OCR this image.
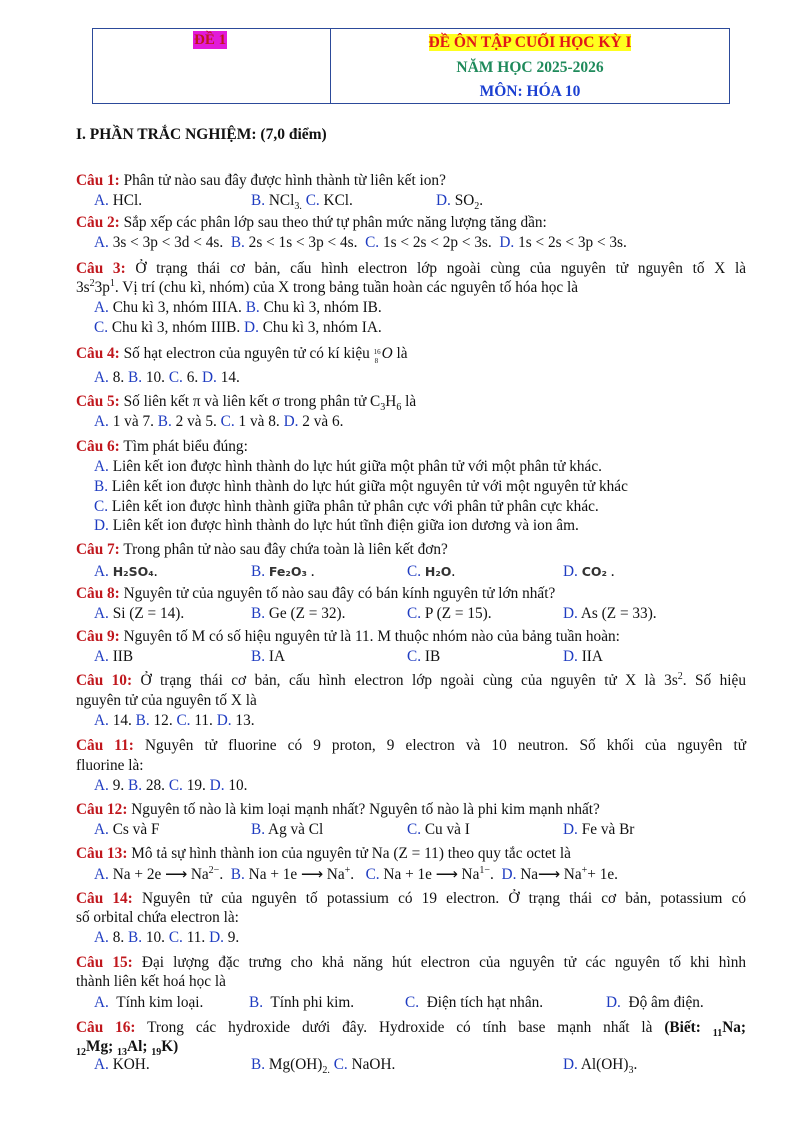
ĐỀ 1	ĐỀ ÔN TẬP CUỐI HỌC KỲ I
NĂM HỌC 2025-2026
MÔN: HÓA 10
I. PHẦN TRẮC NGHIỆM: (7,0 điểm)
Câu 1: Phân tử nào sau đây được hình thành từ liên kết ion?
A. HCl.	B. NCl$_{3.}$ C. KCl.	D. $SO_2$.
Câu 2: Sắp xếp các phân lớp sau theo thứ tự phân mức năng lượng tăng dần:
A. 3s < 3p < 3d < 4s. B. 2s < 1s < 3p < 4s. C. 1s < 2s < 2p < 3s. D. 1s < 2s < 3p < 3s.
Câu 3: Ở trạng thái cơ bản, cấu hình electron lớp ngoài cùng của nguyên tử nguyên tố X là
$3s^23p^1$. Vị trí (chu kì, nhóm) của X trong bảng tuần hoàn các nguyên tố hóa học là
A. Chu kì 3, nhóm IIIA. B. Chu kì 3, nhóm IB.
C. Chu kì 3, nhóm IIIB. D. Chu kì 3, nhóm IA.
Câu 4: Số hạt electron của nguyên tử có kí kiệu 16
8 O là
A. 8. B. 10. C. 6. D. 14.
Câu 5: Số liên kết π và liên kết σ trong phân tử $C_3H_6$ là
A. 1 và 7. B. 2 và 5. C. 1 và 8. D. 2 và 6.
Câu 6: Tìm phát biểu đúng:
A. Liên kết ion được hình thành do lực hút giữa một phân tử với một phân tử khác.
B. Liên kết ion được hình thành do lực hút giữa một nguyên tử với một nguyên tử khác
C. Liên kết ion được hình thành giữa phân tử phân cực với phân tử phân cực khác.
D. Liên kết ion được hình thành do lực hút tĩnh điện giữa ion dương và ion âm.
Câu 7: Trong phân tử nào sau đây chứa toàn là liên kết đơn?
A. H₂SO₄.	B. Fe₂O₃ .	C. H₂O.	D. CO₂ .
Câu 8: Nguyên tử của nguyên tố nào sau đây có bán kính nguyên tử lớn nhất?
A. Si (Z = 14).	B. Ge (Z = 32).	C. P (Z = 15).	D. As (Z = 33).
Câu 9: Nguyên tố M có số hiệu nguyên tử là 11. M thuộc nhóm nào của bảng tuần hoàn:
A. IIB	B. IA	C. IB	D. IIA
Câu 10: Ở trạng thái cơ bản, cấu hình electron lớp ngoài cùng của nguyên tử X là $3s^2$. Số hiệu
nguyên tử của nguyên tố X là
A. 14. B. 12. C. 11. D. 13.
Câu 11: Nguyên tử fluorine có 9 proton, 9 electron và 10 neutron. Số khối của nguyên tử
fluorine là:
A. 9. B. 28. C. 19. D. 10.
Câu 12: Nguyên tố nào là kim loại mạnh nhất? Nguyên tố nào là phi kim mạnh nhất?
A. Cs và F	B. Ag và Cl	C. Cu và I	D. Fe và Br
Câu 13: Mô tả sự hình thành ion của nguyên tử Na (Z = 11) theo quy tắc octet là
A. Na + 2e ⟶ $Na^{2-}$.  B. Na + 1e ⟶ Na+.   C. Na + 1e ⟶ $Na^{1-}$.  D. Na⟶ Na++ 1e.
Câu 14: Nguyên tử của nguyên tố potassium có 19 electron. Ở trạng thái cơ bản, potassium có
số orbital chứa electron là:
A. 8. B. 10. C. 11. D. 9.
Câu 15: Đại lượng đặc trưng cho khả năng hút electron của nguyên tử các nguyên tố khi hình
thành liên kết hoá học là
A. Tính kim loại.	B. Tính phi kim.	C. Điện tích hạt nhân.	D. Độ âm điện.
Câu 16: Trong các hydroxide dưới đây. Hydroxide có tính base mạnh nhất là (Biết: $_{11}$Na;
$_{12}$Mg; $_{13}$Al; $_{19}$K)
A. KOH.	B. $Mg(OH)_{2.}$ C. NaOH.	D. $Al(OH)_3$.
